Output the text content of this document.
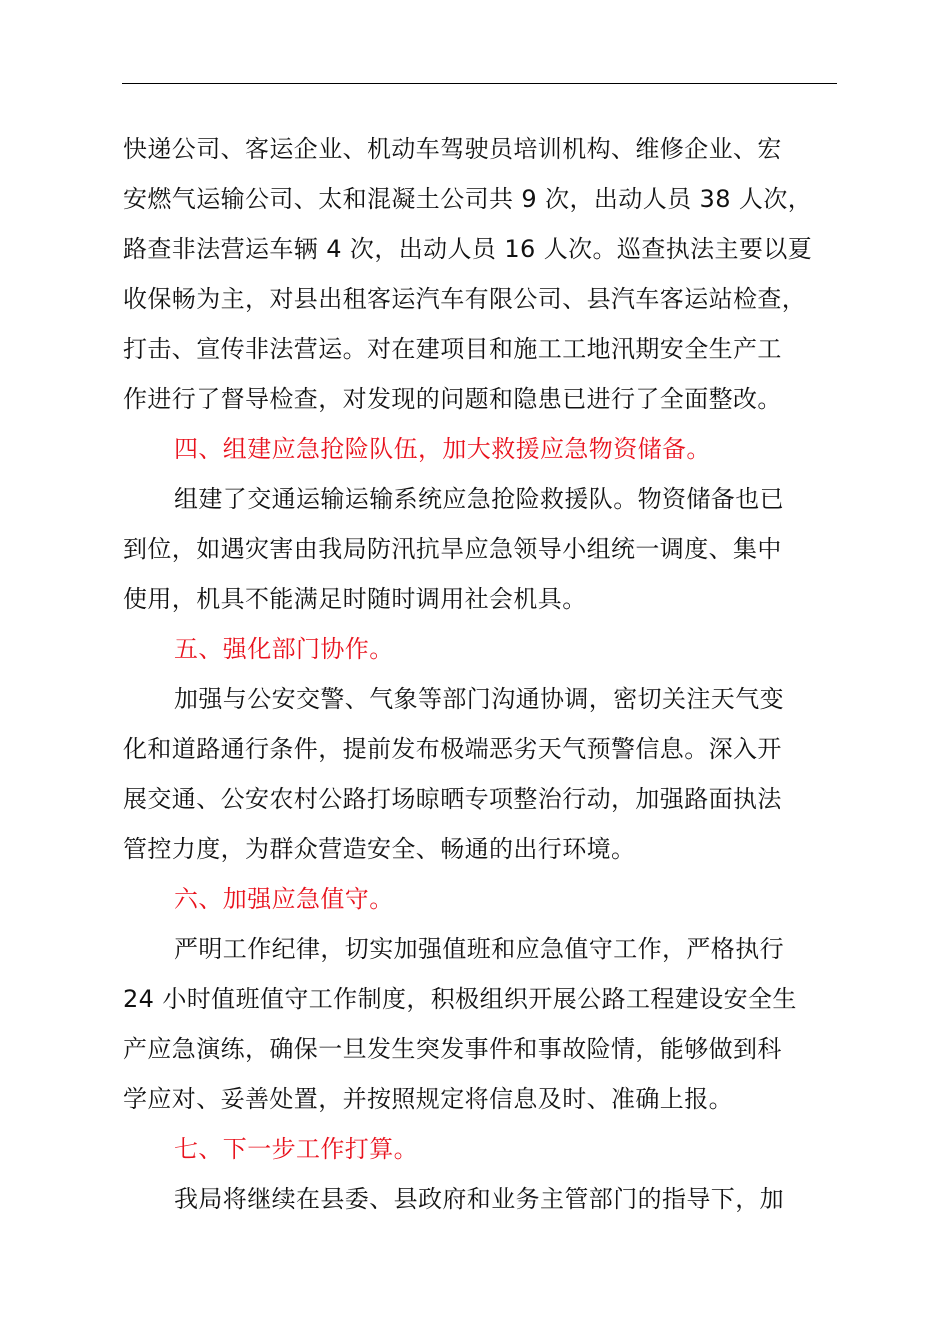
快递公司、客运企业、机动车驾驶员培训机构、维修企业、宏
安燃气运输公司、太和混凝土公司共 9 次，出动人员 38 人次，
路查非法营运车辆 4 次，出动人员 16 人次。巡查执法主要以夏
收保畅为主，对县出租客运汽车有限公司、县汽车客运站检查，
打击、宣传非法营运。对在建项目和施工工地汛期安全生产工
作进行了督导检查，对发现的问题和隐患已进行了全面整改。
四、组建应急抢险队伍，加大救援应急物资储备。
组建了交通运输运输系统应急抢险救援队。物资储备也已
到位，如遇灾害由我局防汛抗旱应急领导小组统一调度、集中
使用，机具不能满足时随时调用社会机具。
五、强化部门协作。
加强与公安交警、气象等部门沟通协调，密切关注天气变
化和道路通行条件，提前发布极端恶劣天气预警信息。深入开
展交通、公安农村公路打场晾晒专项整治行动，加强路面执法
管控力度，为群众营造安全、畅通的出行环境。
六、加强应急值守。
严明工作纪律，切实加强值班和应急值守工作，严格执行
24 小时值班值守工作制度，积极组织开展公路工程建设安全生
产应急演练，确保一旦发生突发事件和事故险情，能够做到科
学应对、妥善处置，并按照规定将信息及时、准确上报。
七、下一步工作打算。
我局将继续在县委、县政府和业务主管部门的指导下，加
